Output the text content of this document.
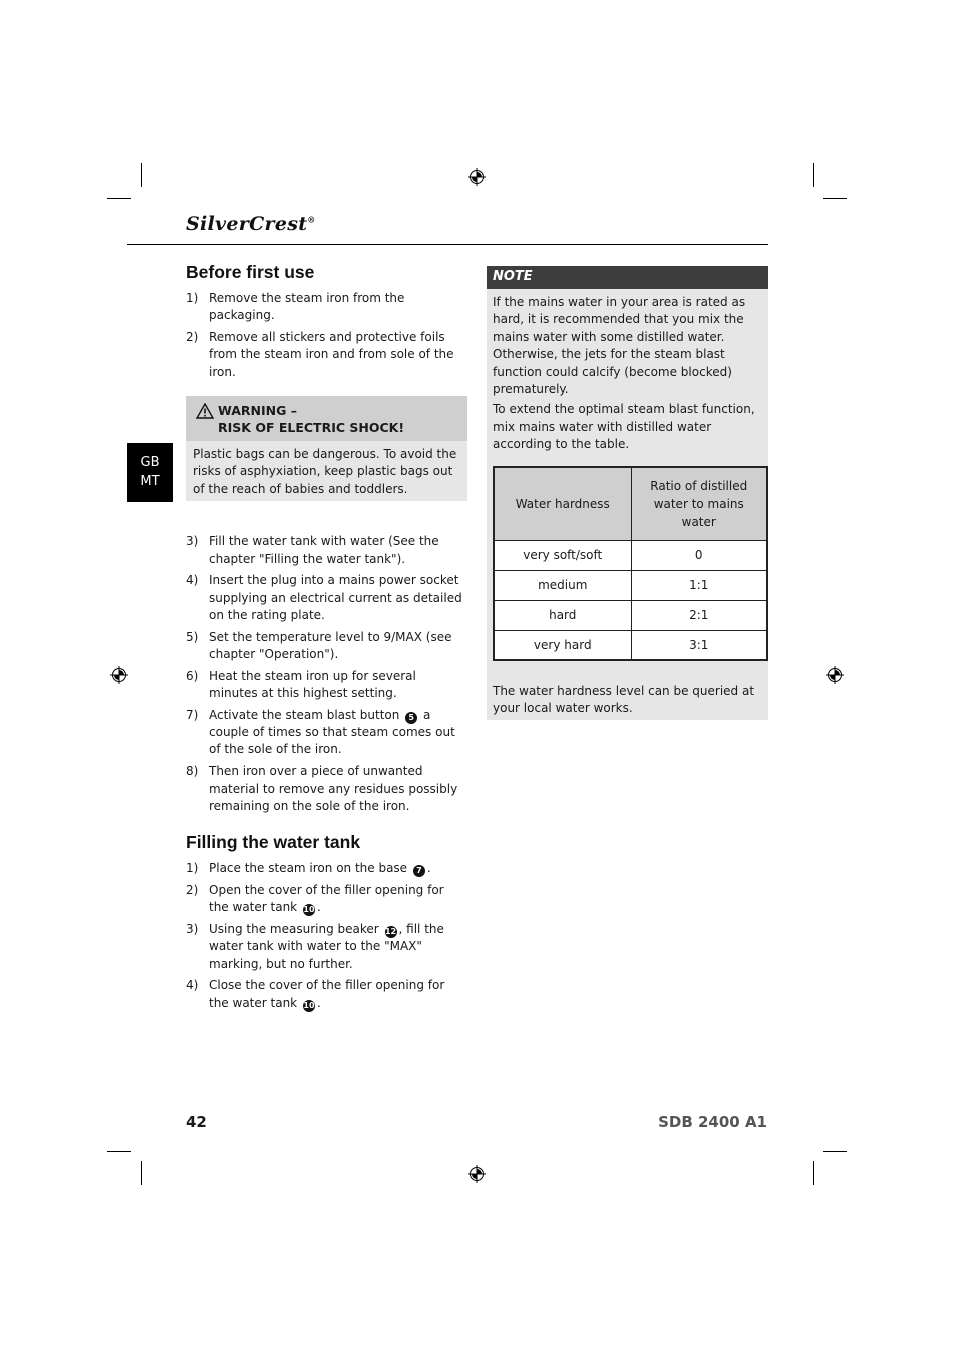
SilverCrest®
GB
MT
Before first use
1) Remove the steam iron from the packaging.
2) Remove all stickers and protective foils from the steam iron and from sole of the iron.
WARNING –
RISK OF ELECTRIC SHOCK!
Plastic bags can be dangerous. To avoid the risks of asphyxiation, keep plastic bags out of the reach of babies and toddlers.
3) Fill the water tank with water (See the chapter "Filling the water tank").
4) Insert the plug into a mains power socket supplying an electrical current as detailed on the rating plate.
5) Set the temperature level to 9/MAX (see chapter "Operation").
6) Heat the steam iron up for several minutes at this highest setting.
7) Activate the steam blast button 5 a couple of times so that steam comes out of the sole of the iron.
8) Then iron over a piece of unwanted material to remove any residues possibly remaining on the sole of the iron.
Filling the water tank
1) Place the steam iron on the base 7 .
2) Open the cover of the filler opening for the water tank 10 .
3) Using the measuring beaker 12 , fill the water tank with water to the "MAX" marking, but no further.
4) Close the cover of the filler opening for the water tank 10 .
NOTE

If the mains water in your area is rated as hard, it is recommended that you mix the mains water with some distilled water. Otherwise, the jets for the steam blast function could calcify (become blocked) prematurely.

To extend the optimal steam blast function, mix mains water with distilled water according to the table.

Water hardness	Ratio of distilled water to mains water
very soft/soft	0
medium	1:1
hard	2:1
very hard	3:1
The water hardness level can be queried at your local water works.
42	SDB 2400 A1
